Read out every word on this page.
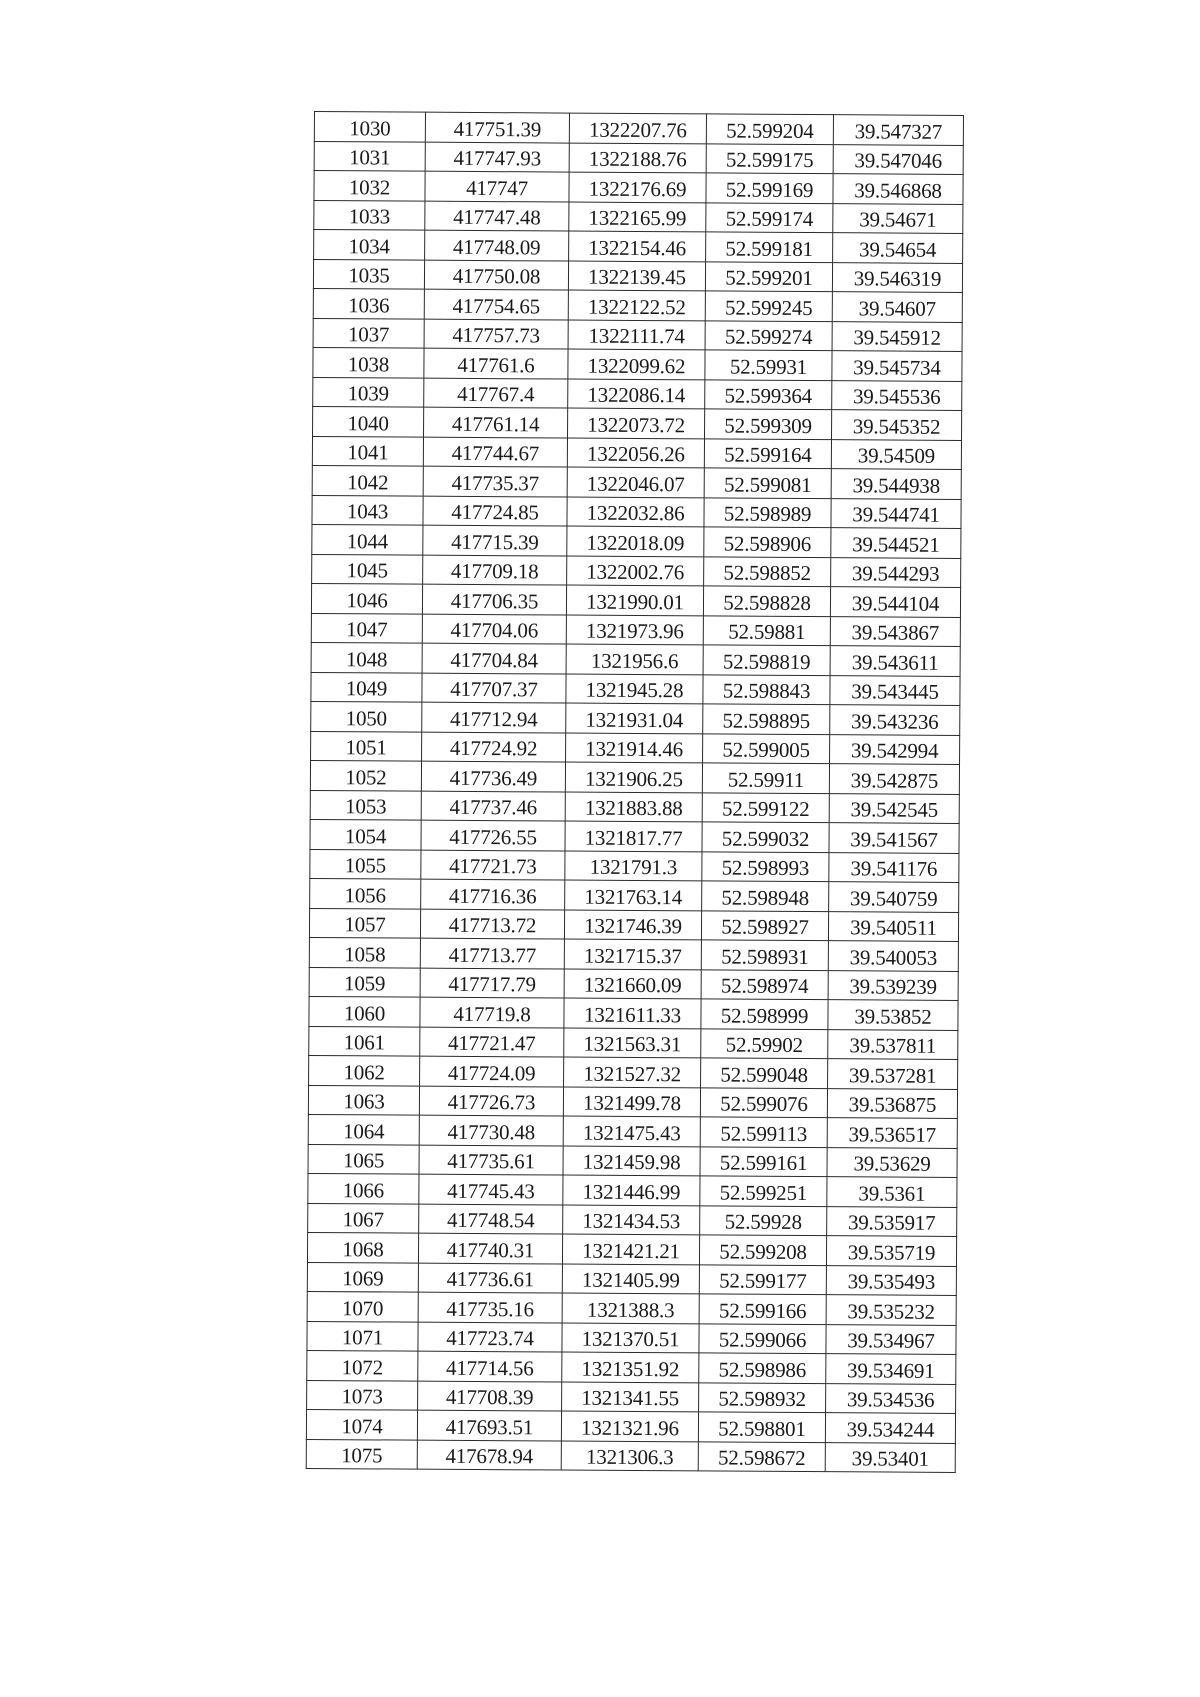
1030	417751.39	1322207.76	52.599204	39.547327
1031	417747.93	1322188.76	52.599175	39.547046
1032	417747	1322176.69	52.599169	39.546868
1033	417747.48	1322165.99	52.599174	39.54671
1034	417748.09	1322154.46	52.599181	39.54654
1035	417750.08	1322139.45	52.599201	39.546319
1036	417754.65	1322122.52	52.599245	39.54607
1037	417757.73	1322111.74	52.599274	39.545912
1038	417761.6	1322099.62	52.59931	39.545734
1039	417767.4	1322086.14	52.599364	39.545536
1040	417761.14	1322073.72	52.599309	39.545352
1041	417744.67	1322056.26	52.599164	39.54509
1042	417735.37	1322046.07	52.599081	39.544938
1043	417724.85	1322032.86	52.598989	39.544741
1044	417715.39	1322018.09	52.598906	39.544521
1045	417709.18	1322002.76	52.598852	39.544293
1046	417706.35	1321990.01	52.598828	39.544104
1047	417704.06	1321973.96	52.59881	39.543867
1048	417704.84	1321956.6	52.598819	39.543611
1049	417707.37	1321945.28	52.598843	39.543445
1050	417712.94	1321931.04	52.598895	39.543236
1051	417724.92	1321914.46	52.599005	39.542994
1052	417736.49	1321906.25	52.59911	39.542875
1053	417737.46	1321883.88	52.599122	39.542545
1054	417726.55	1321817.77	52.599032	39.541567
1055	417721.73	1321791.3	52.598993	39.541176
1056	417716.36	1321763.14	52.598948	39.540759
1057	417713.72	1321746.39	52.598927	39.540511
1058	417713.77	1321715.37	52.598931	39.540053
1059	417717.79	1321660.09	52.598974	39.539239
1060	417719.8	1321611.33	52.598999	39.53852
1061	417721.47	1321563.31	52.59902	39.537811
1062	417724.09	1321527.32	52.599048	39.537281
1063	417726.73	1321499.78	52.599076	39.536875
1064	417730.48	1321475.43	52.599113	39.536517
1065	417735.61	1321459.98	52.599161	39.53629
1066	417745.43	1321446.99	52.599251	39.5361
1067	417748.54	1321434.53	52.59928	39.535917
1068	417740.31	1321421.21	52.599208	39.535719
1069	417736.61	1321405.99	52.599177	39.535493
1070	417735.16	1321388.3	52.599166	39.535232
1071	417723.74	1321370.51	52.599066	39.534967
1072	417714.56	1321351.92	52.598986	39.534691
1073	417708.39	1321341.55	52.598932	39.534536
1074	417693.51	1321321.96	52.598801	39.534244
1075	417678.94	1321306.3	52.598672	39.53401
